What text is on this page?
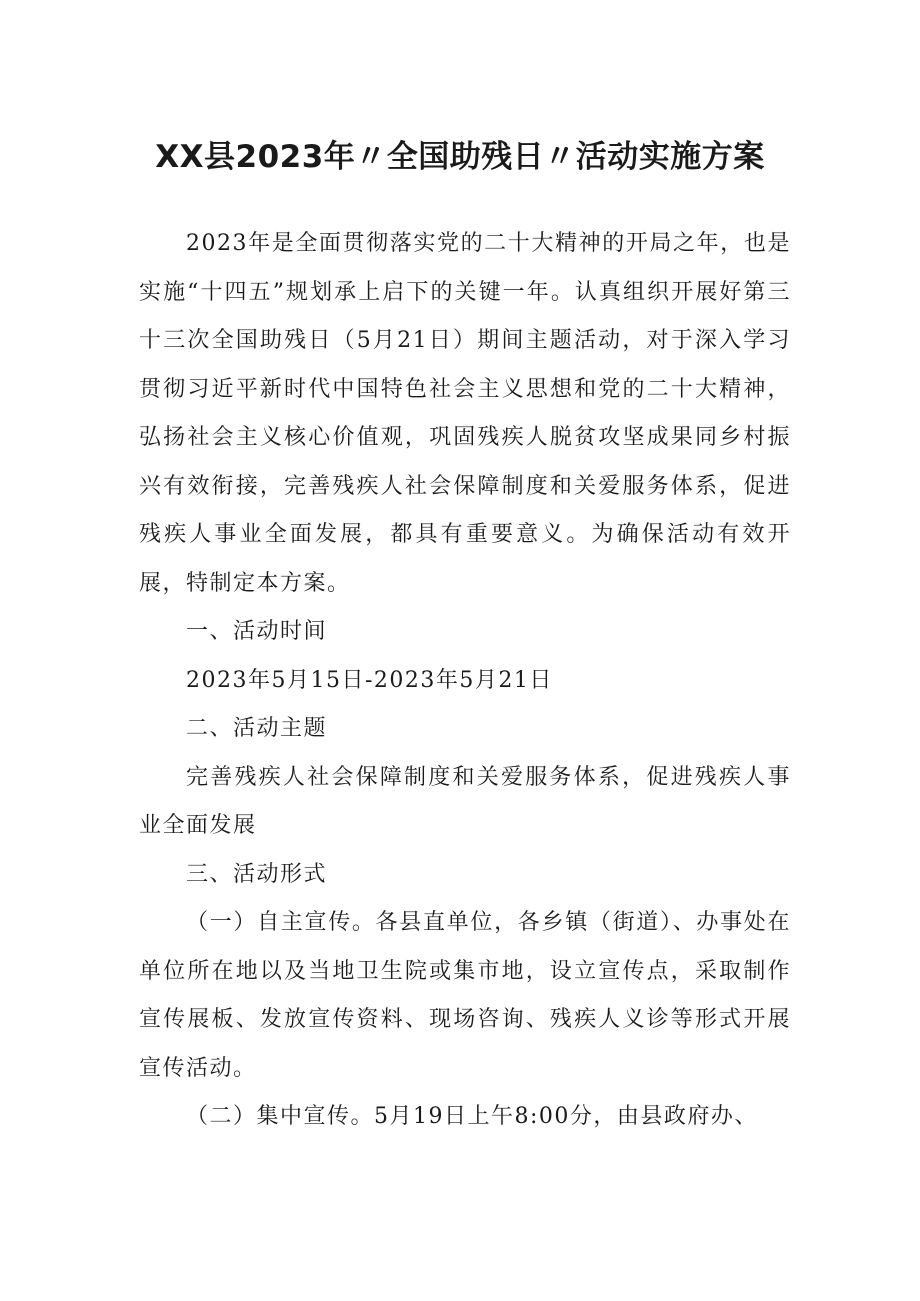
XX县2023年〃全国助残日〃活动实施方案

2023年是全面贯彻落实党的二十大精神的开局之年，也是实施“十四五”规划承上启下的关键一年。认真组织开展好第三十三次全国助残日（5月21日）期间主题活动，对于深入学习贯彻习近平新时代中国特色社会主义思想和党的二十大精神，弘扬社会主义核心价值观，巩固残疾人脱贫攻坚成果同乡村振兴有效衔接，完善残疾人社会保障制度和关爱服务体系，促进残疾人事业全面发展，都具有重要意义。为确保活动有效开展，特制定本方案。

一、活动时间

2023年5月15日-2023年5月21日

二、活动主题

完善残疾人社会保障制度和关爱服务体系，促进残疾人事业全面发展

三、活动形式

（一）自主宣传。各县直单位，各乡镇（街道）、办事处在单位所在地以及当地卫生院或集市地，设立宣传点，采取制作宣传展板、发放宣传资料、现场咨询、残疾人义诊等形式开展宣传活动。

（二）集中宣传。5月19日上午8:00分，由县政府办、
